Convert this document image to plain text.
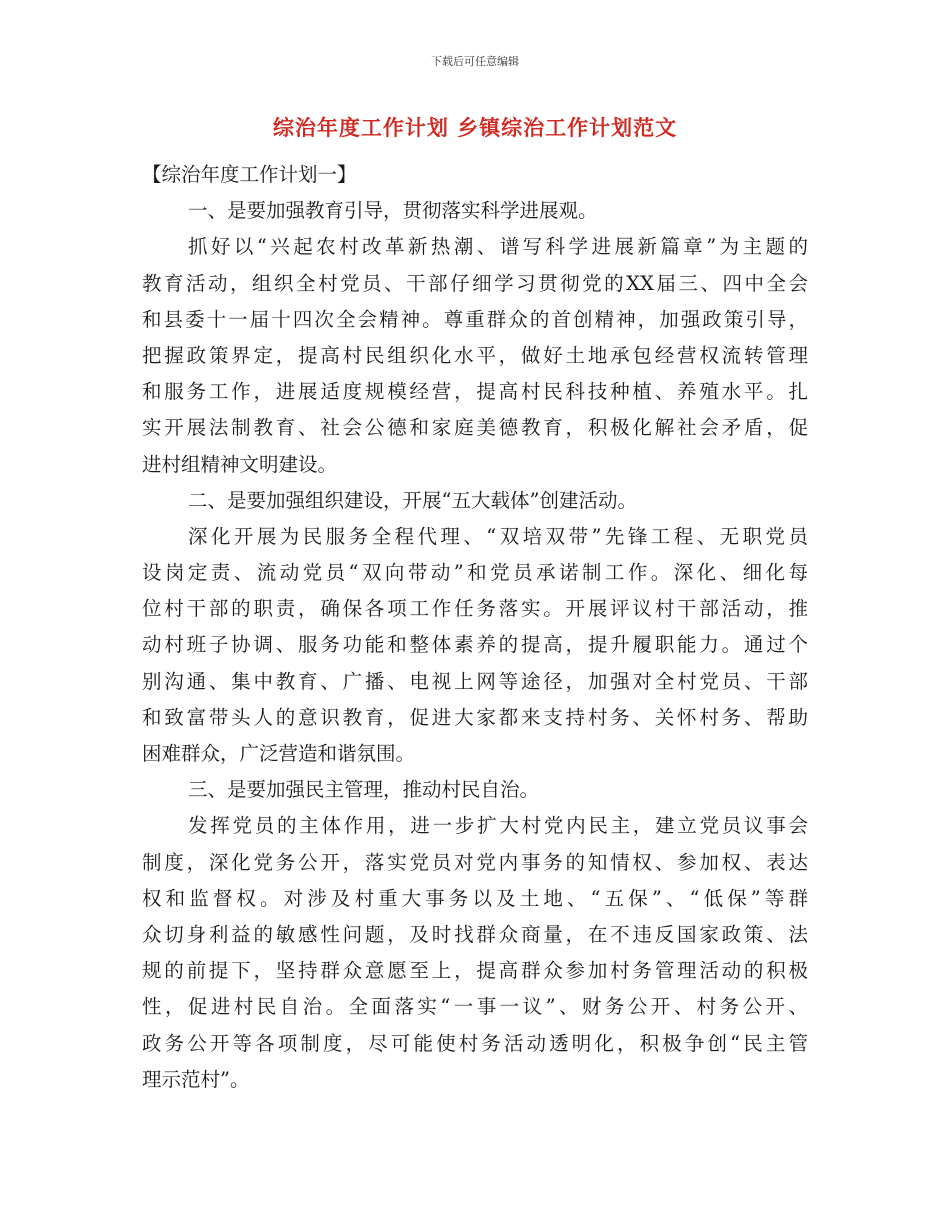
下载后可任意编辑
综治年度工作计划 乡镇综治工作计划范文
【综治年度工作计划一】
一、是要加强教育引导，贯彻落实科学进展观。
抓好以“兴起农村改革新热潮、谱写科学进展新篇章”为主题的
教育活动，组织全村党员、干部仔细学习贯彻党的XX届三、四中全会
和县委十一届十四次全会精神。尊重群众的首创精神，加强政策引导，
把握政策界定，提高村民组织化水平，做好土地承包经营权流转管理
和服务工作，进展适度规模经营，提高村民科技种植、养殖水平。扎
实开展法制教育、社会公德和家庭美德教育，积极化解社会矛盾，促
进村组精神文明建设。
二、是要加强组织建设，开展“五大载体”创建活动。
深化开展为民服务全程代理、“双培双带”先锋工程、无职党员
设岗定责、流动党员“双向带动”和党员承诺制工作。深化、细化每
位村干部的职责，确保各项工作任务落实。开展评议村干部活动，推
动村班子协调、服务功能和整体素养的提高，提升履职能力。通过个
别沟通、集中教育、广播、电视上网等途径，加强对全村党员、干部
和致富带头人的意识教育，促进大家都来支持村务、关怀村务、帮助
困难群众，广泛营造和谐氛围。
三、是要加强民主管理，推动村民自治。
发挥党员的主体作用，进一步扩大村党内民主，建立党员议事会
制度，深化党务公开，落实党员对党内事务的知情权、参加权、表达
权和监督权。对涉及村重大事务以及土地、“五保”、“低保”等群
众切身利益的敏感性问题，及时找群众商量，在不违反国家政策、法
规的前提下，坚持群众意愿至上，提高群众参加村务管理活动的积极
性，促进村民自治。全面落实“一事一议”、财务公开、村务公开、
政务公开等各项制度，尽可能使村务活动透明化，积极争创“民主管
理示范村”。
